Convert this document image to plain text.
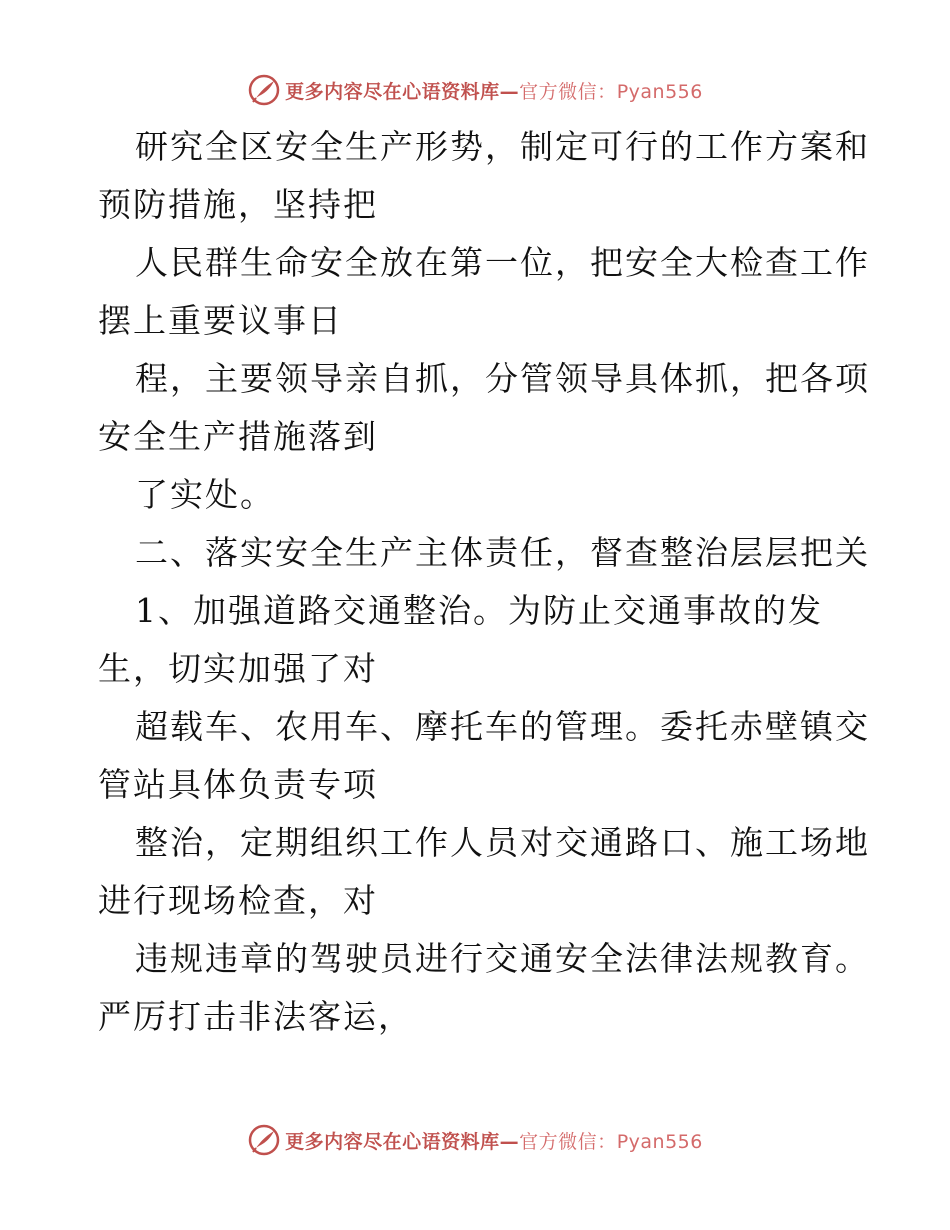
更多内容尽在心语资料库—官方微信：Pyan556
研究全区安全生产形势，制定可行的工作方案和
预防措施，坚持把
人民群生命安全放在第一位，把安全大检查工作
摆上重要议事日
程，主要领导亲自抓，分管领导具体抓，把各项
安全生产措施落到
了实处。
二、落实安全生产主体责任，督查整治层层把关
1、加强道路交通整治。为防止交通事故的发
生，切实加强了对
超载车、农用车、摩托车的管理。委托赤壁镇交
管站具体负责专项
整治，定期组织工作人员对交通路口、施工场地
进行现场检查，对
违规违章的驾驶员进行交通安全法律法规教育。
严厉打击非法客运，
更多内容尽在心语资料库—官方微信：Pyan556
